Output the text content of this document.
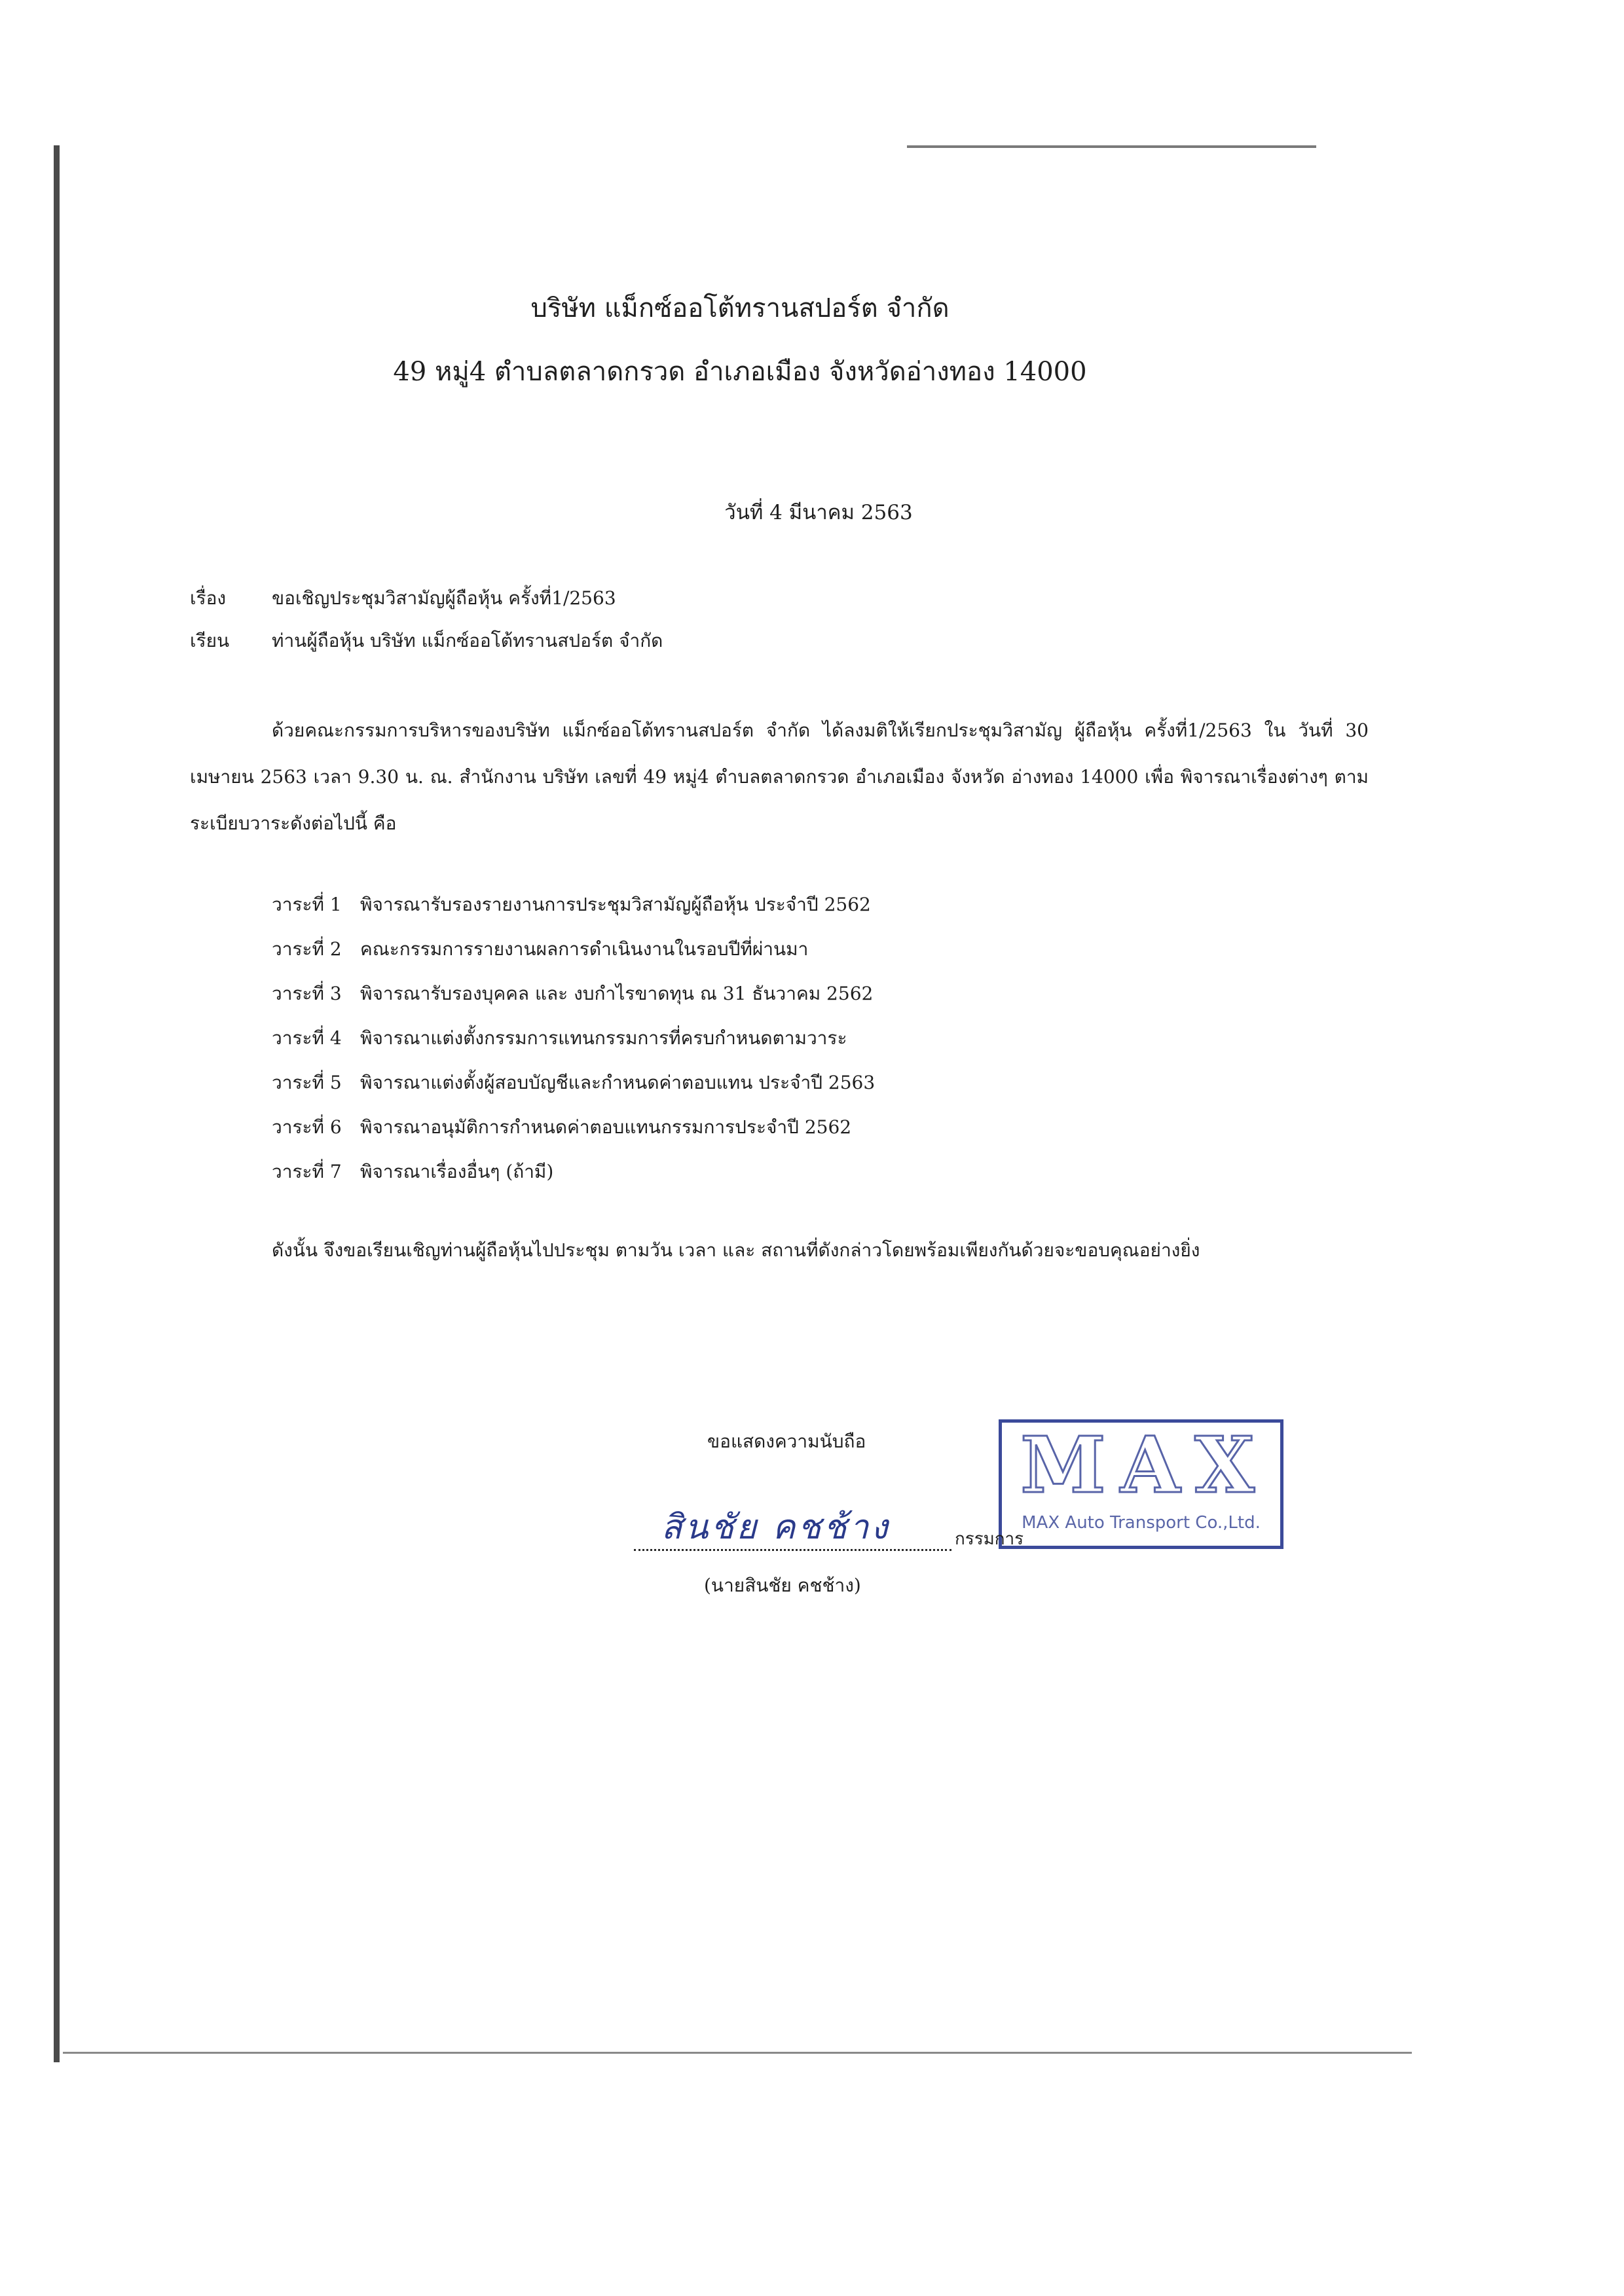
บริษัท แม็กซ์ออโต้ทรานสปอร์ต จำกัด
49 หมู่4 ตำบลตลาดกรวด อำเภอเมือง จังหวัดอ่างทอง 14000
วันที่ 4 มีนาคม 2563
เรื่อง ขอเชิญประชุมวิสามัญผู้ถือหุ้น ครั้งที่1/2563
เรียน ท่านผู้ถือหุ้น บริษัท แม็กซ์ออโต้ทรานสปอร์ต จำกัด
ด้วยคณะกรรมการบริหารของบริษัท แม็กซ์ออโต้ทรานสปอร์ต จำกัด ได้ลงมติให้เรียกประชุมวิสามัญ ผู้ถือหุ้น ครั้งที่1/2563 ใน วันที่ 30 เมษายน 2563 เวลา 9.30 น. ณ. สำนักงาน บริษัท เลขที่ 49 หมู่4 ตำบลตลาดกรวด อำเภอเมือง จังหวัด อ่างทอง 14000 เพื่อ พิจารณาเรื่องต่างๆ ตามระเบียบวาระดังต่อไปนี้ คือ
วาระที่ 1	พิจารณารับรองรายงานการประชุมวิสามัญผู้ถือหุ้น ประจำปี 2562
วาระที่ 2	คณะกรรมการรายงานผลการดำเนินงานในรอบปีที่ผ่านมา
วาระที่ 3	พิจารณารับรองบุคคล และ งบกำไรขาดทุน ณ 31 ธันวาคม 2562
วาระที่ 4	พิจารณาแต่งตั้งกรรมการแทนกรรมการที่ครบกำหนดตามวาระ
วาระที่ 5	พิจารณาแต่งตั้งผู้สอบบัญชีและกำหนดค่าตอบแทน ประจำปี 2563
วาระที่ 6	พิจารณาอนุมัติการกำหนดค่าตอบแทนกรรมการประจำปี 2562
วาระที่ 7	พิจารณาเรื่องอื่นๆ (ถ้ามี)
ดังนั้น จึงขอเรียนเชิญท่านผู้ถือหุ้นไปประชุม ตามวัน เวลา และ สถานที่ดังกล่าวโดยพร้อมเพียงกันด้วยจะขอบคุณอย่างยิ่ง
ขอแสดงความนับถือ MAX
MAX Auto Transport Co.,Ltd.
สินชัย คชช้าง	กรรมการ
(นายสินชัย คชช้าง)
